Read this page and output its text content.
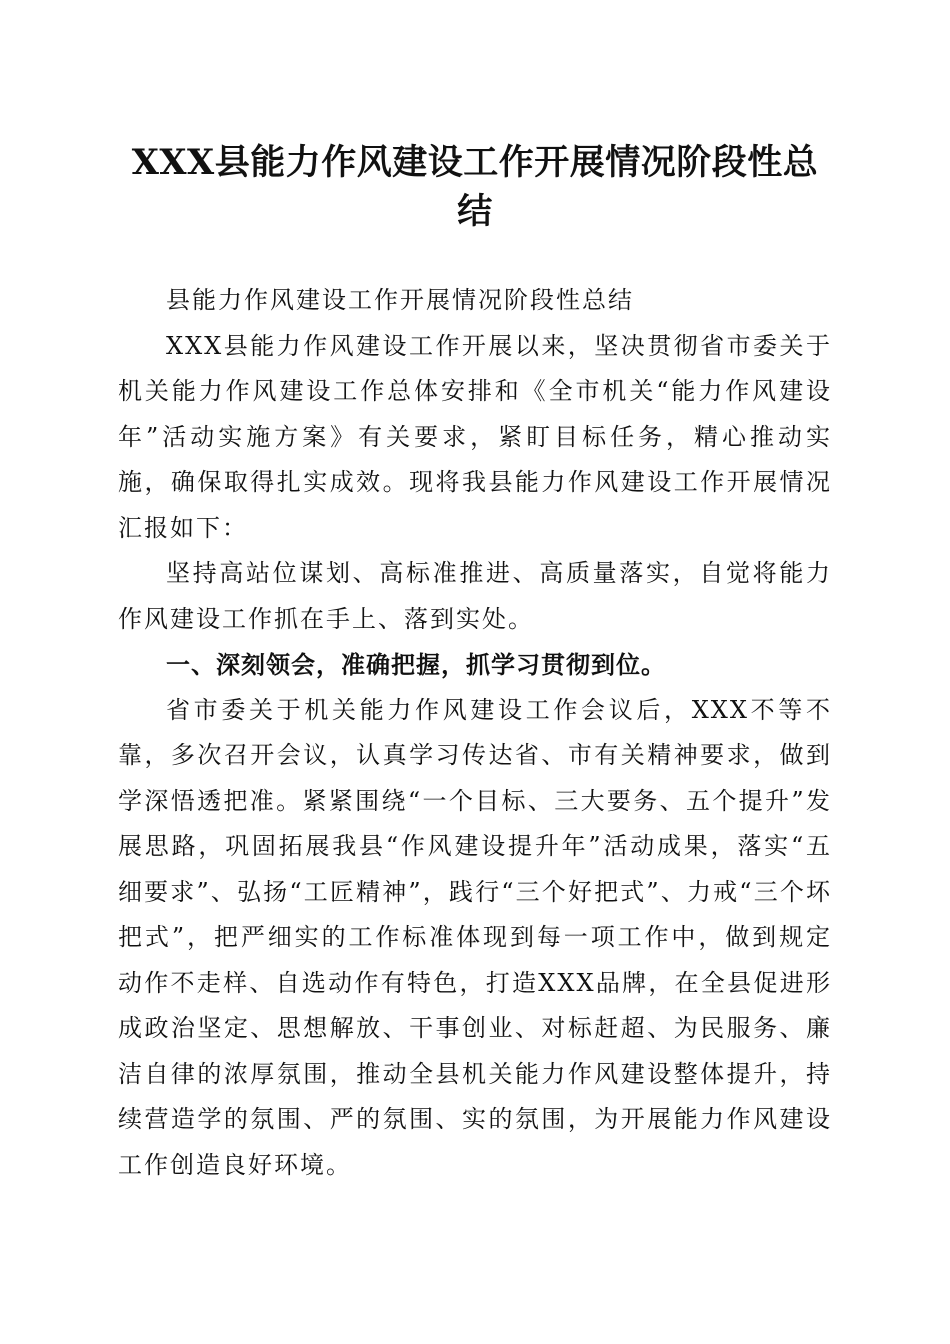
XXX县能力作风建设工作开展情况阶段性总结

县能力作风建设工作开展情况阶段性总结

XXX县能力作风建设工作开展以来，坚决贯彻省市委关于机关能力作风建设工作总体安排和《全市机关“能力作风建设年”活动实施方案》有关要求，紧盯目标任务，精心推动实施，确保取得扎实成效。现将我县能力作风建设工作开展情况汇报如下：

坚持高站位谋划、高标准推进、高质量落实，自觉将能力作风建设工作抓在手上、落到实处。

一、深刻领会，准确把握，抓学习贯彻到位。

省市委关于机关能力作风建设工作会议后，XXX不等不靠，多次召开会议，认真学习传达省、市有关精神要求，做到学深悟透把准。紧紧围绕“一个目标、三大要务、五个提升”发展思路，巩固拓展我县“作风建设提升年”活动成果，落实“五细要求”、弘扬“工匠精神”，践行“三个好把式”、力戒“三个坏把式”，把严细实的工作标准体现到每一项工作中，做到规定动作不走样、自选动作有特色，打造XXX品牌，在全县促进形成政治坚定、思想解放、干事创业、对标赶超、为民服务、廉洁自律的浓厚氛围，推动全县机关能力作风建设整体提升，持续营造学的氛围、严的氛围、实的氛围，为开展能力作风建设工作创造良好环境。
